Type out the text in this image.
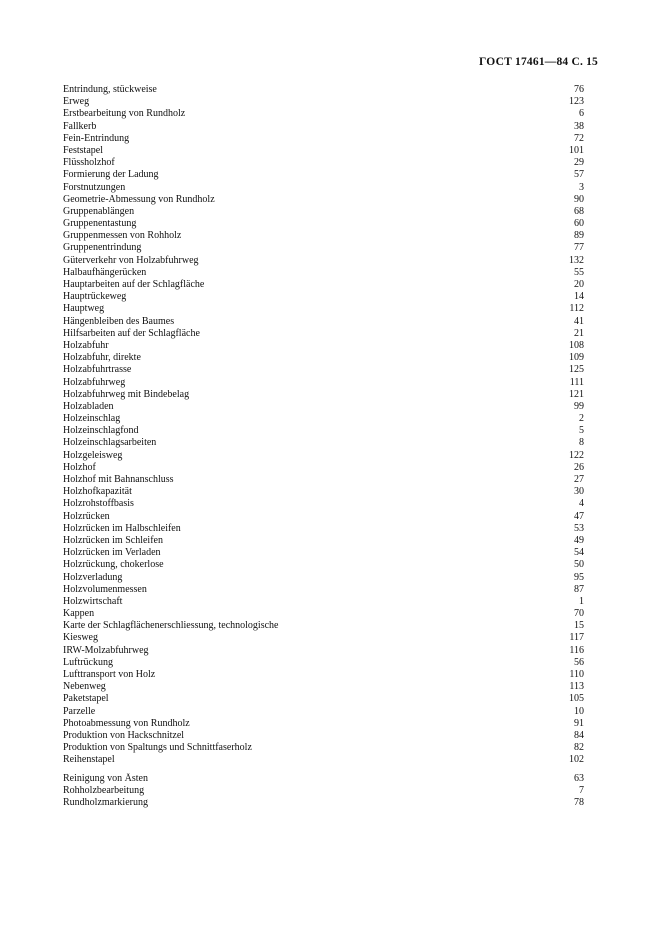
ГОСТ 17461—84 С. 15
Entrindung, stückweise	76
Erweg	123
Erstbearbeitung von Rundholz	6
Fallkerb	38
Fein-Entrindung	72
Feststapel	101
Flüssholzhof	29
Formierung der Ladung	57
Forstnutzungen	3
Geometrie-Abmessung von Rundholz	90
Gruppenablängen	68
Gruppenentastung	60
Gruppenmessen von Rohholz	89
Gruppenentrindung	77
Güterverkehr von Holzabfuhrweg	132
Halbaufhängerücken	55
Hauptarbeiten auf der Schlagfläche	20
Hauptrückeweg	14
Hauptweg	112
Hängenbleiben des Baumes	41
Hilfsarbeiten auf der Schlagfläche	21
Holzabfuhr	108
Holzabfuhr, direkte	109
Holzabfuhrtrasse	125
Holzabfuhrweg	111
Holzabfuhrweg mit Bindebelag	121
Holzabladen	99
Holzeinschlag	2
Holzeinschlagfond	5
Holzeinschlagsarbeiten	8
Holzgeleisweg	122
Holzhof	26
Holzhof mit Bahnanschluss	27
Holzhofkapazität	30
Holzrohstoffbasis	4
Holzrücken	47
Holzrücken im Halbschleifen	53
Holzrücken im Schleifen	49
Holzrücken im Verladen	54
Holzrückung, chokerlose	50
Holzverladung	95
Holzvolumenmessen	87
Holzwirtschaft	1
Kappen	70
Karte der Schlagflächenerschliessung, technologische	15
Kiesweg	117
IRW-Molzabfuhrweg	116
Luftrückung	56
Lufttransport von Holz	110
Nebenweg	113
Paketstapel	105
Parzelle	10
Photoabmessung von Rundholz	91
Produktion von Hackschnitzel	84
Produktion von Spaltungs und Schnittfaserholz	82
Reihenstapel	102
Reinigung von Ästen	63
Rohholzbearbeitung	7
Rundholzmarkierung	78
